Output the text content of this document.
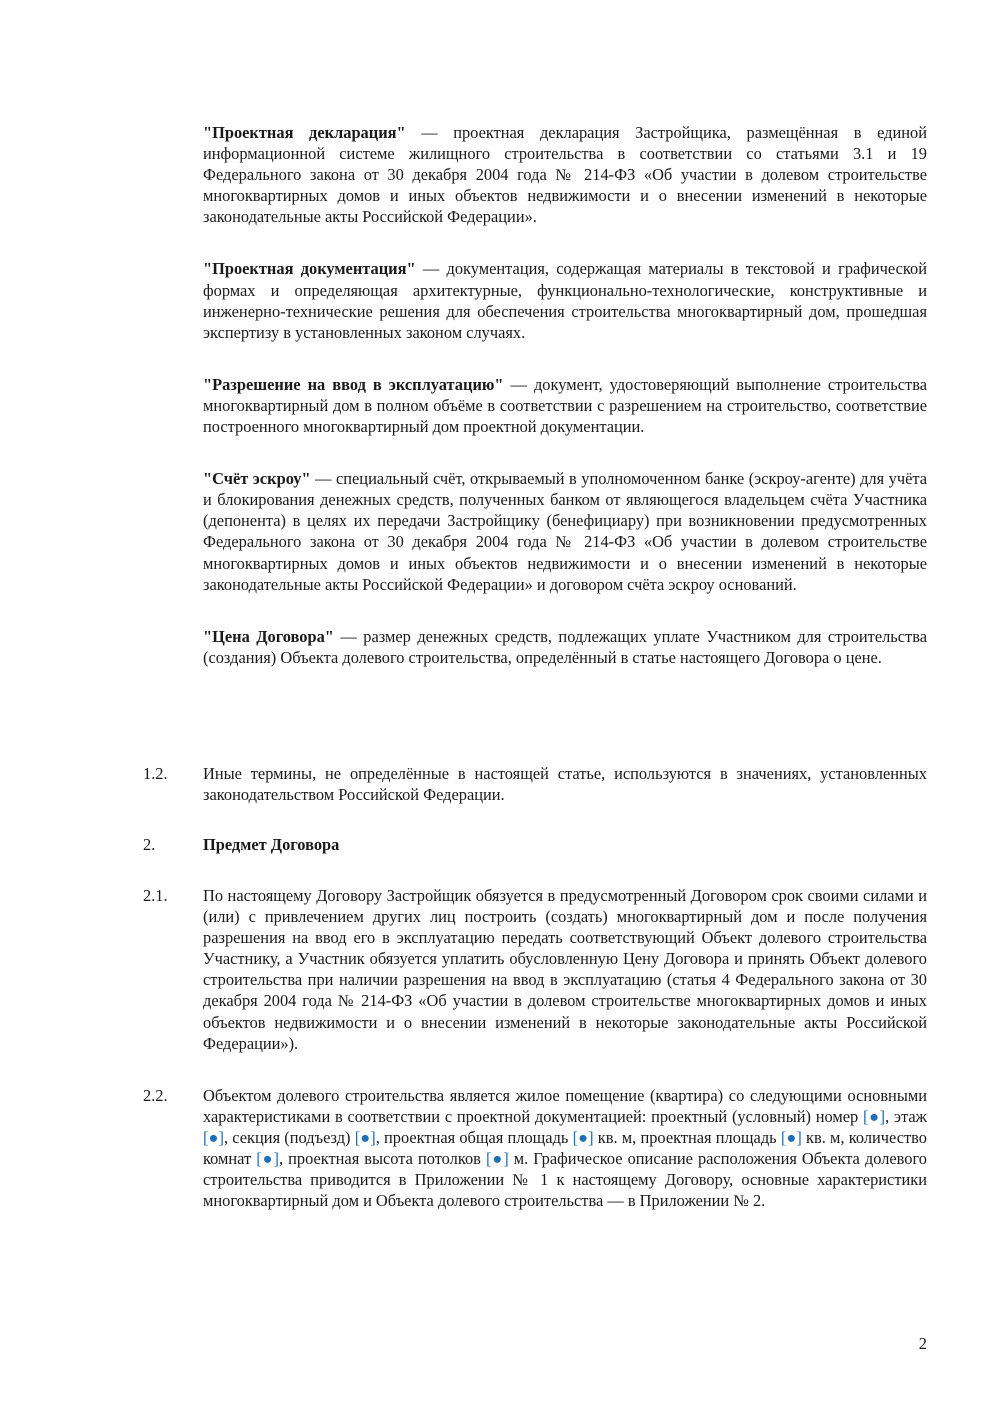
"Проектная декларация" — проектная декларация Застройщика, размещённая в единой информационной системе жилищного строительства в соответствии со статьями 3.1 и 19 Федерального закона от 30 декабря 2004 года № 214-ФЗ «Об участии в долевом строительстве многоквартирных домов и иных объектов недвижимости и о внесении изменений в некоторые законодательные акты Российской Федерации».

"Проектная документация" — документация, содержащая материалы в текстовой и графической формах и определяющая архитектурные, функционально-технологические, конструктивные и инженерно-технические решения для обеспечения строительства многоквартирный дом, прошедшая экспертизу в установленных законом случаях.

"Разрешение на ввод в эксплуатацию" — документ, удостоверяющий выполнение строительства многоквартирный дом в полном объёме в соответствии с разрешением на строительство, соответствие построенного многоквартирный дом проектной документации.

"Счёт эскроу" — специальный счёт, открываемый в уполномоченном банке (эскроу-агенте) для учёта и блокирования денежных средств, полученных банком от являющегося владельцем счёта Участника (депонента) в целях их передачи Застройщику (бенефициару) при возникновении предусмотренных Федерального закона от 30 декабря 2004 года № 214-ФЗ «Об участии в долевом строительстве многоквартирных домов и иных объектов недвижимости и о внесении изменений в некоторые законодательные акты Российской Федерации» и договором счёта эскроу оснований.

"Цена Договора" — размер денежных средств, подлежащих уплате Участником для строительства (создания) Объекта долевого строительства, определённый в статье настоящего Договора о цене.

1.2.	Иные термины, не определённые в настоящей статье, используются в значениях, установленных законодательством Российской Федерации.
2.	Предмет Договора
2.1.	По настоящему Договору Застройщик обязуется в предусмотренный Договором срок своими силами и (или) с привлечением других лиц построить (создать) многоквартирный дом и после получения разрешения на ввод его в эксплуатацию передать соответствующий Объект долевого строительства Участнику, а Участник обязуется уплатить обусловленную Цену Договора и принять Объект долевого строительства при наличии разрешения на ввод в эксплуатацию (статья 4 Федерального закона от 30 декабря 2004 года № 214-ФЗ «Об участии в долевом строительстве многоквартирных домов и иных объектов недвижимости и о внесении изменений в некоторые законодательные акты Российской Федерации»).
2.2.	Объектом долевого строительства является жилое помещение (квартира) со следующими основными характеристиками в соответствии с проектной документацией: проектный (условный) номер [●], этаж [●], секция (подъезд) [●], проектная общая площадь [●] кв. м, проектная площадь [●] кв. м, количество комнат [●], проектная высота потолков [●] м. Графическое описание расположения Объекта долевого строительства приводится в Приложении № 1 к настоящему Договору, основные характеристики многоквартирный дом и Объекта долевого строительства — в Приложении № 2.
2
